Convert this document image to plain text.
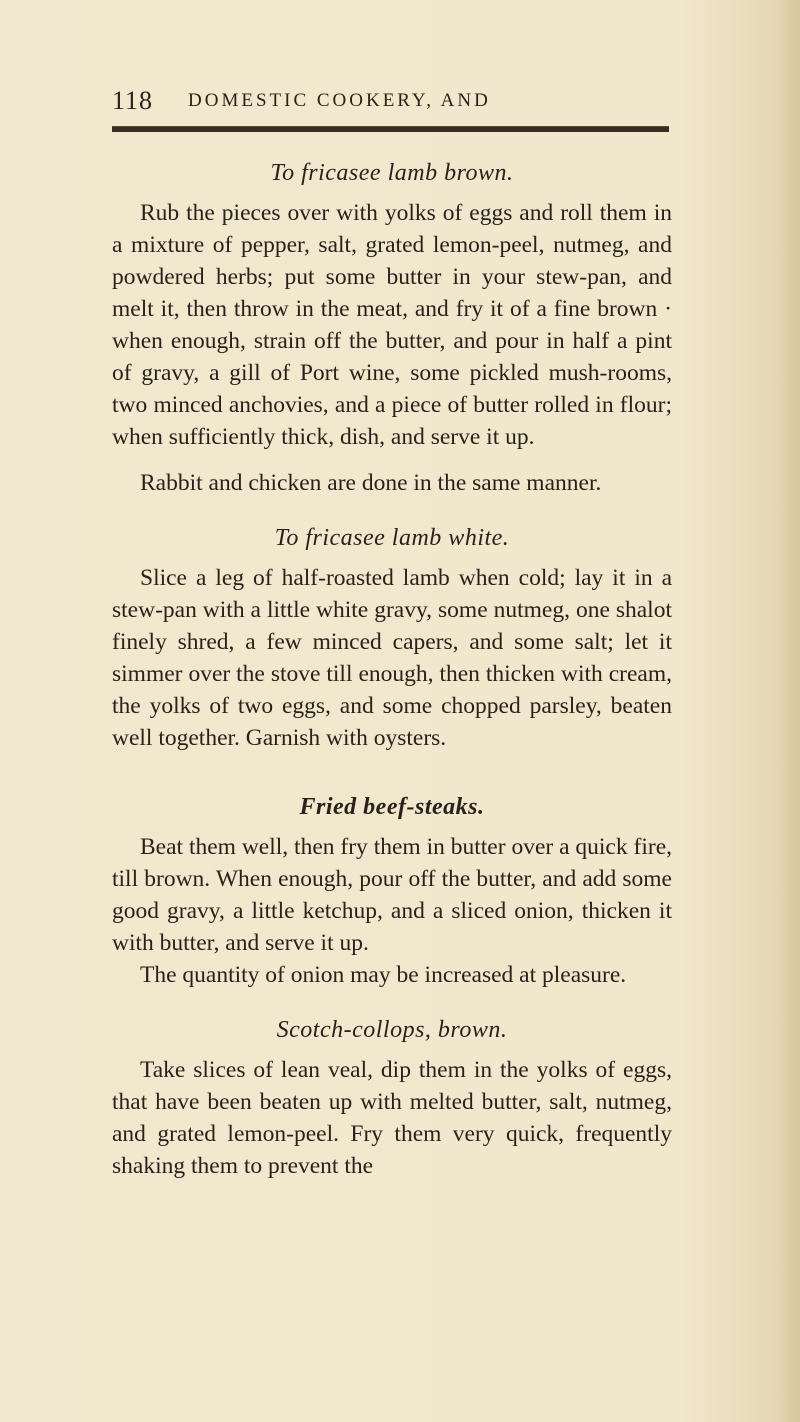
118 DOMESTIC COOKERY, AND
To fricasee lamb brown.

Rub the pieces over with yolks of eggs and roll them in a mixture of pepper, salt, grated lemon-peel, nutmeg, and powdered herbs; put some butter in your stew-pan, and melt it, then throw in the meat, and fry it of a fine brown · when enough, strain off the butter, and pour in half a pint of gravy, a gill of Port wine, some pickled mush-rooms, two minced anchovies, and a piece of butter rolled in flour; when sufficiently thick, dish, and serve it up.

Rabbit and chicken are done in the same manner.

To fricasee lamb white.

Slice a leg of half-roasted lamb when cold; lay it in a stew-pan with a little white gravy, some nutmeg, one shalot finely shred, a few minced capers, and some salt; let it simmer over the stove till enough, then thicken with cream, the yolks of two eggs, and some chopped parsley, beaten well together. Garnish with oysters.

Fried beef-steaks.

Beat them well, then fry them in butter over a quick fire, till brown. When enough, pour off the butter, and add some good gravy, a little ketchup, and a sliced onion, thicken it with butter, and serve it up.

The quantity of onion may be increased at pleasure.

Scotch-collops, brown.

Take slices of lean veal, dip them in the yolks of eggs, that have been beaten up with melted butter, salt, nutmeg, and grated lemon-peel. Fry them very quick, frequently shaking them to prevent the
